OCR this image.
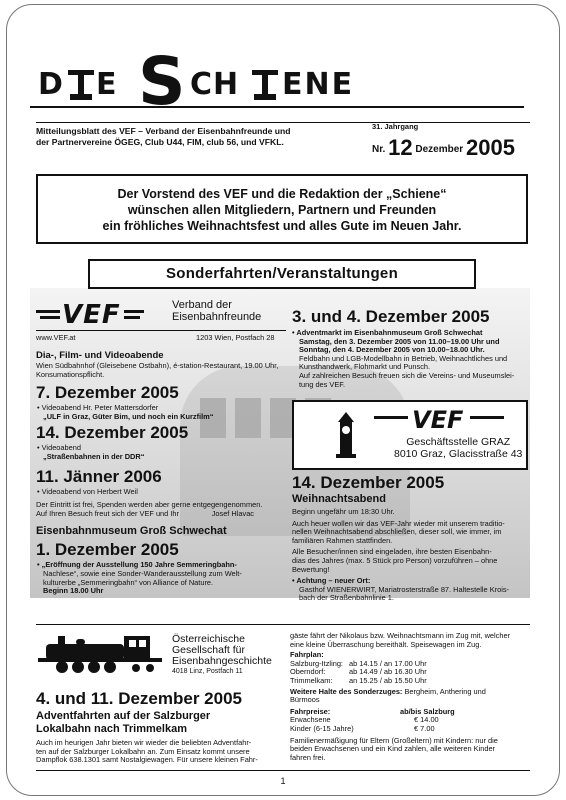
D E S CH ENE
DIE SCHIENE
Mitteilungsblatt des VEF – Verband der Eisenbahnfreunde und
der Partnervereine ÖGEG, Club U44, FIM, club 56, und VFKL.
31. Jahrgang
Nr. 12 Dezember 2005
Der Vorstend des VEF und die Redaktion der „Schiene“
wünschen allen Mitgliedern, Partnern und Freunden
ein fröhliches Weihnachtsfest und alles Gute im Neuen Jahr.
Sonderfahrten/Veranstaltungen
VEF	Verband der
Eisenbahnfreunde
www.VEF.at	1203 Wien, Postfach 28
Dia-, Film- und Videoabende
Wien Südbahnhof (Gleisebene Ostbahn), é-station-Restaurant, 19.00 Uhr, Konsumationspflicht.
7. Dezember 2005
• Videoabend Hr. Peter Mattersdorfer
„ULF in Graz, Güter Bim, und noch ein Kurzfilm“
14. Dezember 2005
• Videoabend
„Straßenbahnen in der DDR“
11. Jänner 2006
• Videoabend von Herbert Weil
Der Eintritt ist frei, Spenden werden aber gerne entgegengenommen.
Auf Ihren Besuch freut sich der VEF und Ihr	Josef Hlavac
Eisenbahnmuseum Groß Schwechat
1. Dezember 2005
• „Eröffnung der Ausstellung 150 Jahre Semmeringbahn-
Nachlese“, sowie eine Sonder-Wanderausstellung zum Welt-
kulturerbe „Semmeringbahn“ von Alliance of Nature.
Beginn 18.00 Uhr
3. und 4. Dezember 2005
• Adventmarkt im Eisenbahnmuseum Groß Schwechat
Samstag, den 3. Dezember 2005 von 11.00–19.00 Uhr und
Sonntag, den 4. Dezember 2005 von 10.00–18.00 Uhr.
Feldbahn und LGB-Modellbahn in Betrieb, Weihnachtliches und
Kunsthandwerk, Flohmarkt und Punsch.
Auf zahlreichen Besuch freuen sich die Vereins- und Museumslei-
tung des VEF.
VEF
Geschäftsstelle GRAZ
8010 Graz, Glacisstraße 43
14. Dezember 2005
Weihnachtsabend
Beginn ungefähr um 18:30 Uhr.
Auch heuer wollen wir das VEF-Jahr wieder mit unserem traditio-
nellen Weihnachtsabend abschließen, dieser soll, wie immer, im
familiären Rahmen stattfinden.
Alle Besucher/innen sind eingeladen, ihre besten Eisenbahn-
dias des Jahres (max. 5 Stück pro Person) vorzuführen – ohne
Bewertung!
• Achtung – neuer Ort:
Gasthof WIENERWIRT, Mariatrosterstraße 87. Haltestelle Krois-
bach der Straßenbahnlinie 1.
Österreichische
Gesellschaft für
Eisenbahngeschichte
4018 Linz, Postfach 11
4. und 11. Dezember 2005
Adventfahrten auf der Salzburger
Lokalbahn nach Trimmelkam
Auch im heurigen Jahr bieten wir wieder die beliebten Adventfahr-
ten auf der Salzburger Lokalbahn an. Zum Einsatz kommt unsere
Dampflok 638.1301 samt Nostalgiewagen. Für unsere kleinen Fahr-
gäste fährt der Nikolaus bzw. Weihnachtsmann im Zug mit, welcher
eine kleine Überraschung bereithält. Speisewagen im Zug.
Fahrplan:
Salzburg-Itzling:	ab 14.15 / an 17.00 Uhr
Oberndorf:	ab 14.49 / ab 16.30 Uhr
Trimmelkam:	an 15.25 / ab 15.50 Uhr
Weitere Halte des Sonderzuges: Bergheim, Anthering und
Bürmoos
Fahrpreise:	ab/bis Salzburg
Erwachsene	€ 14.00
Kinder (6-15 Jahre)	€ 7.00
Familienermäßigung für Eltern (Großeltern) mit Kindern: nur die
beiden Erwachsenen und ein Kind zahlen, alle weiteren Kinder
fahren frei.
1
